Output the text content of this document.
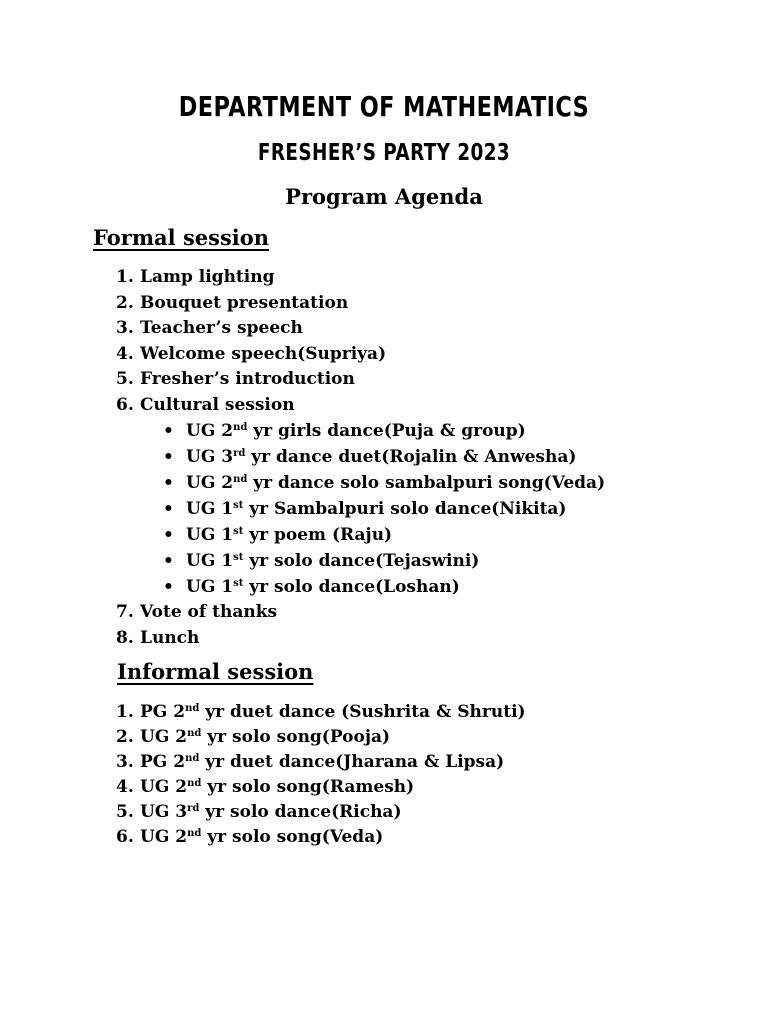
DEPARTMENT OF MATHEMATICS
FRESHER’S PARTY 2023
Program Agenda
Formal session
1. Lamp lighting
2. Bouquet presentation
3. Teacher’s speech
4. Welcome speech(Supriya)
5. Fresher’s introduction
6. Cultural session
• UG 2nd yr girls dance(Puja & group)
• UG 3rd yr dance duet(Rojalin & Anwesha)
• UG 2nd yr dance solo sambalpuri song(Veda)
• UG 1st yr Sambalpuri solo dance(Nikita)
• UG 1st yr poem (Raju)
• UG 1st yr solo dance(Tejaswini)
• UG 1st yr solo dance(Loshan)
7. Vote of thanks
8. Lunch
Informal session
1. PG 2nd yr duet dance (Sushrita & Shruti)
2. UG 2nd yr solo song(Pooja)
3. PG 2nd yr duet dance(Jharana & Lipsa)
4. UG 2nd yr solo song(Ramesh)
5. UG 3rd yr solo dance(Richa)
6. UG 2nd yr solo song(Veda)
